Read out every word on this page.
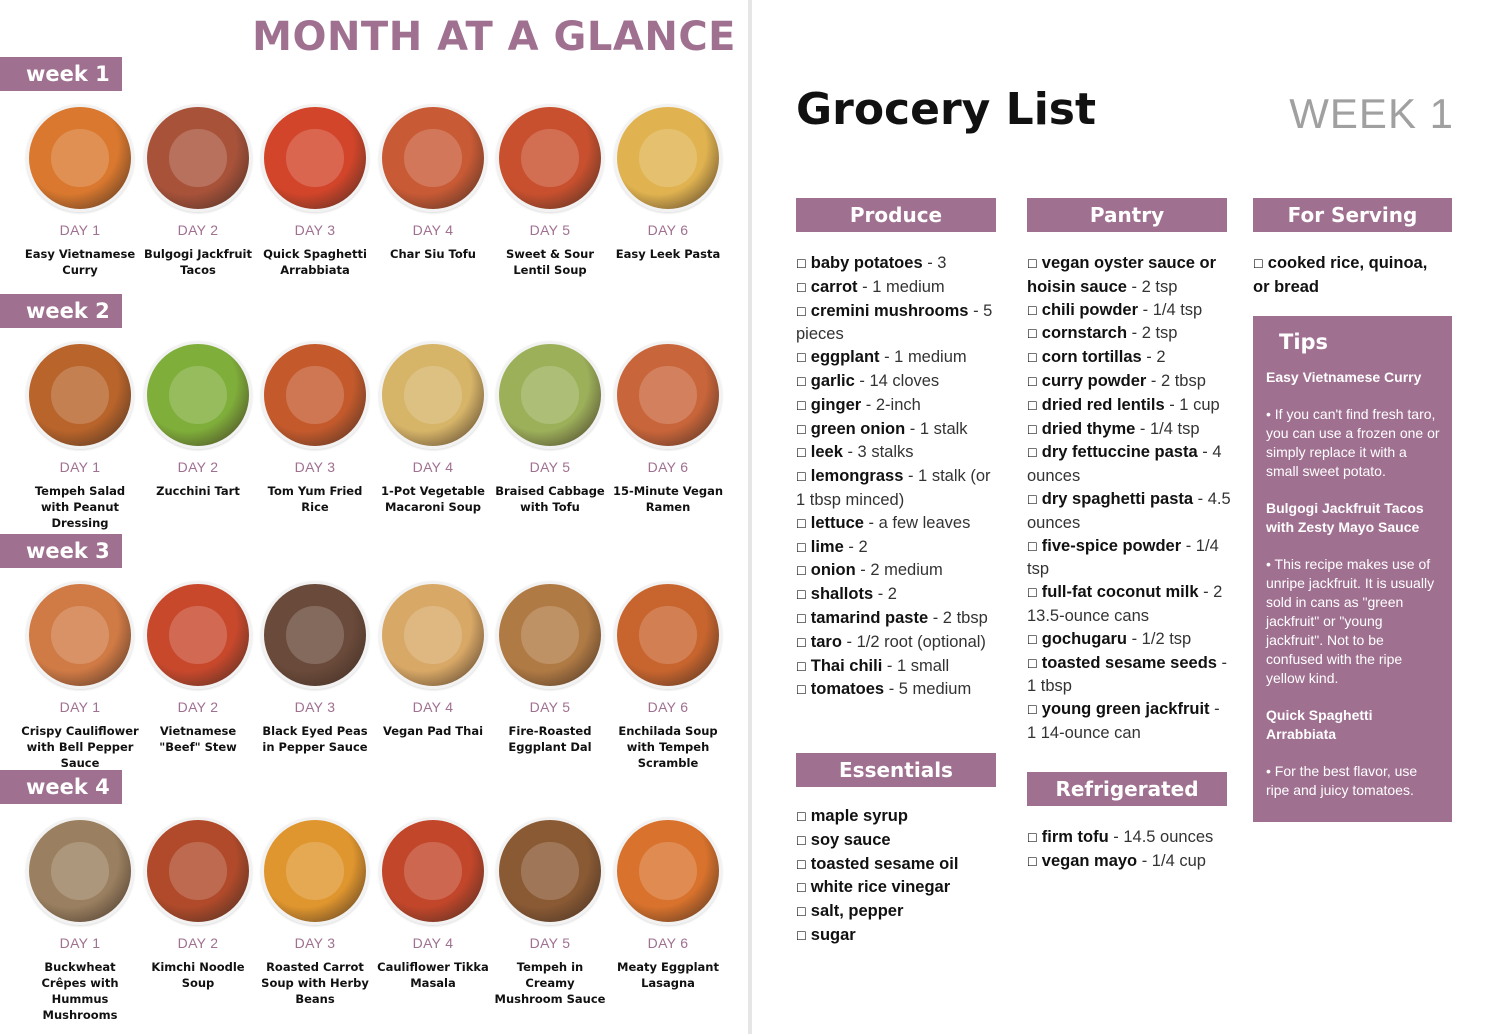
MONTH AT A GLANCE
week 1
DAY 1
Easy Vietnamese Curry
DAY 2
Bulgogi Jackfruit Tacos
DAY 3
Quick Spaghetti Arrabbiata
DAY 4
Char Siu Tofu
DAY 5
Sweet & Sour Lentil Soup
DAY 6
Easy Leek Pasta
week 2
DAY 1
Tempeh Salad with Peanut Dressing
DAY 2
Zucchini Tart
DAY 3
Tom Yum Fried Rice
DAY 4
1-Pot Vegetable Macaroni Soup
DAY 5
Braised Cabbage with Tofu
DAY 6
15-Minute Vegan Ramen
week 3
DAY 1
Crispy Cauliflower with Bell Pepper Sauce
DAY 2
Vietnamese "Beef" Stew
DAY 3
Black Eyed Peas in Pepper Sauce
DAY 4
Vegan Pad Thai
DAY 5
Fire-Roasted Eggplant Dal
DAY 6
Enchilada Soup with Tempeh Scramble
week 4
DAY 1
Buckwheat Crêpes with Hummus Mushrooms
DAY 2
Kimchi Noodle Soup
DAY 3
Roasted Carrot Soup with Herby Beans
DAY 4
Cauliflower Tikka Masala
DAY 5
Tempeh in Creamy Mushroom Sauce
DAY 6
Meaty Eggplant Lasagna
Grocery List	WEEK 1
Produce
☐ baby potatoes - 3
☐ carrot - 1 medium
☐ cremini mushrooms - 5 pieces
☐ eggplant - 1 medium
☐ garlic - 14 cloves
☐ ginger - 2-inch
☐ green onion - 1 stalk
☐ leek - 3 stalks
☐ lemongrass - 1 stalk (or 1 tbsp minced)
☐ lettuce - a few leaves
☐ lime - 2
☐ onion - 2 medium
☐ shallots - 2
☐ tamarind paste - 2 tbsp
☐ taro - 1/2 root (optional)
☐ Thai chili - 1 small
☐ tomatoes - 5 medium
Essentials
☐ maple syrup
☐ soy sauce
☐ toasted sesame oil
☐ white rice vinegar
☐ salt, pepper
☐ sugar
Pantry
☐ vegan oyster sauce or hoisin sauce - 2 tsp
☐ chili powder - 1/4 tsp
☐ cornstarch - 2 tsp
☐ corn tortillas - 2
☐ curry powder - 2 tbsp
☐ dried red lentils - 1 cup
☐ dried thyme - 1/4 tsp
☐ dry fettuccine pasta - 4 ounces
☐ dry spaghetti pasta - 4.5 ounces
☐ five-spice powder - 1/4 tsp
☐ full-fat coconut milk - 2 13.5-ounce cans
☐ gochugaru - 1/2 tsp
☐ toasted sesame seeds - 1 tbsp
☐ young green jackfruit - 1 14-ounce can
Refrigerated
☐ firm tofu - 14.5 ounces
☐ vegan mayo - 1/4 cup
For Serving
☐ cooked rice, quinoa, or bread
Tips
Easy Vietnamese Curry
• If you can't find fresh taro, you can use a frozen one or simply replace it with a small sweet potato.
Bulgogi Jackfruit Tacos with Zesty Mayo Sauce
• This recipe makes use of unripe jackfruit. It is usually sold in cans as "green jackfruit" or "young jackfruit". Not to be confused with the ripe yellow kind.
Quick Spaghetti Arrabbiata
• For the best flavor, use ripe and juicy tomatoes.
